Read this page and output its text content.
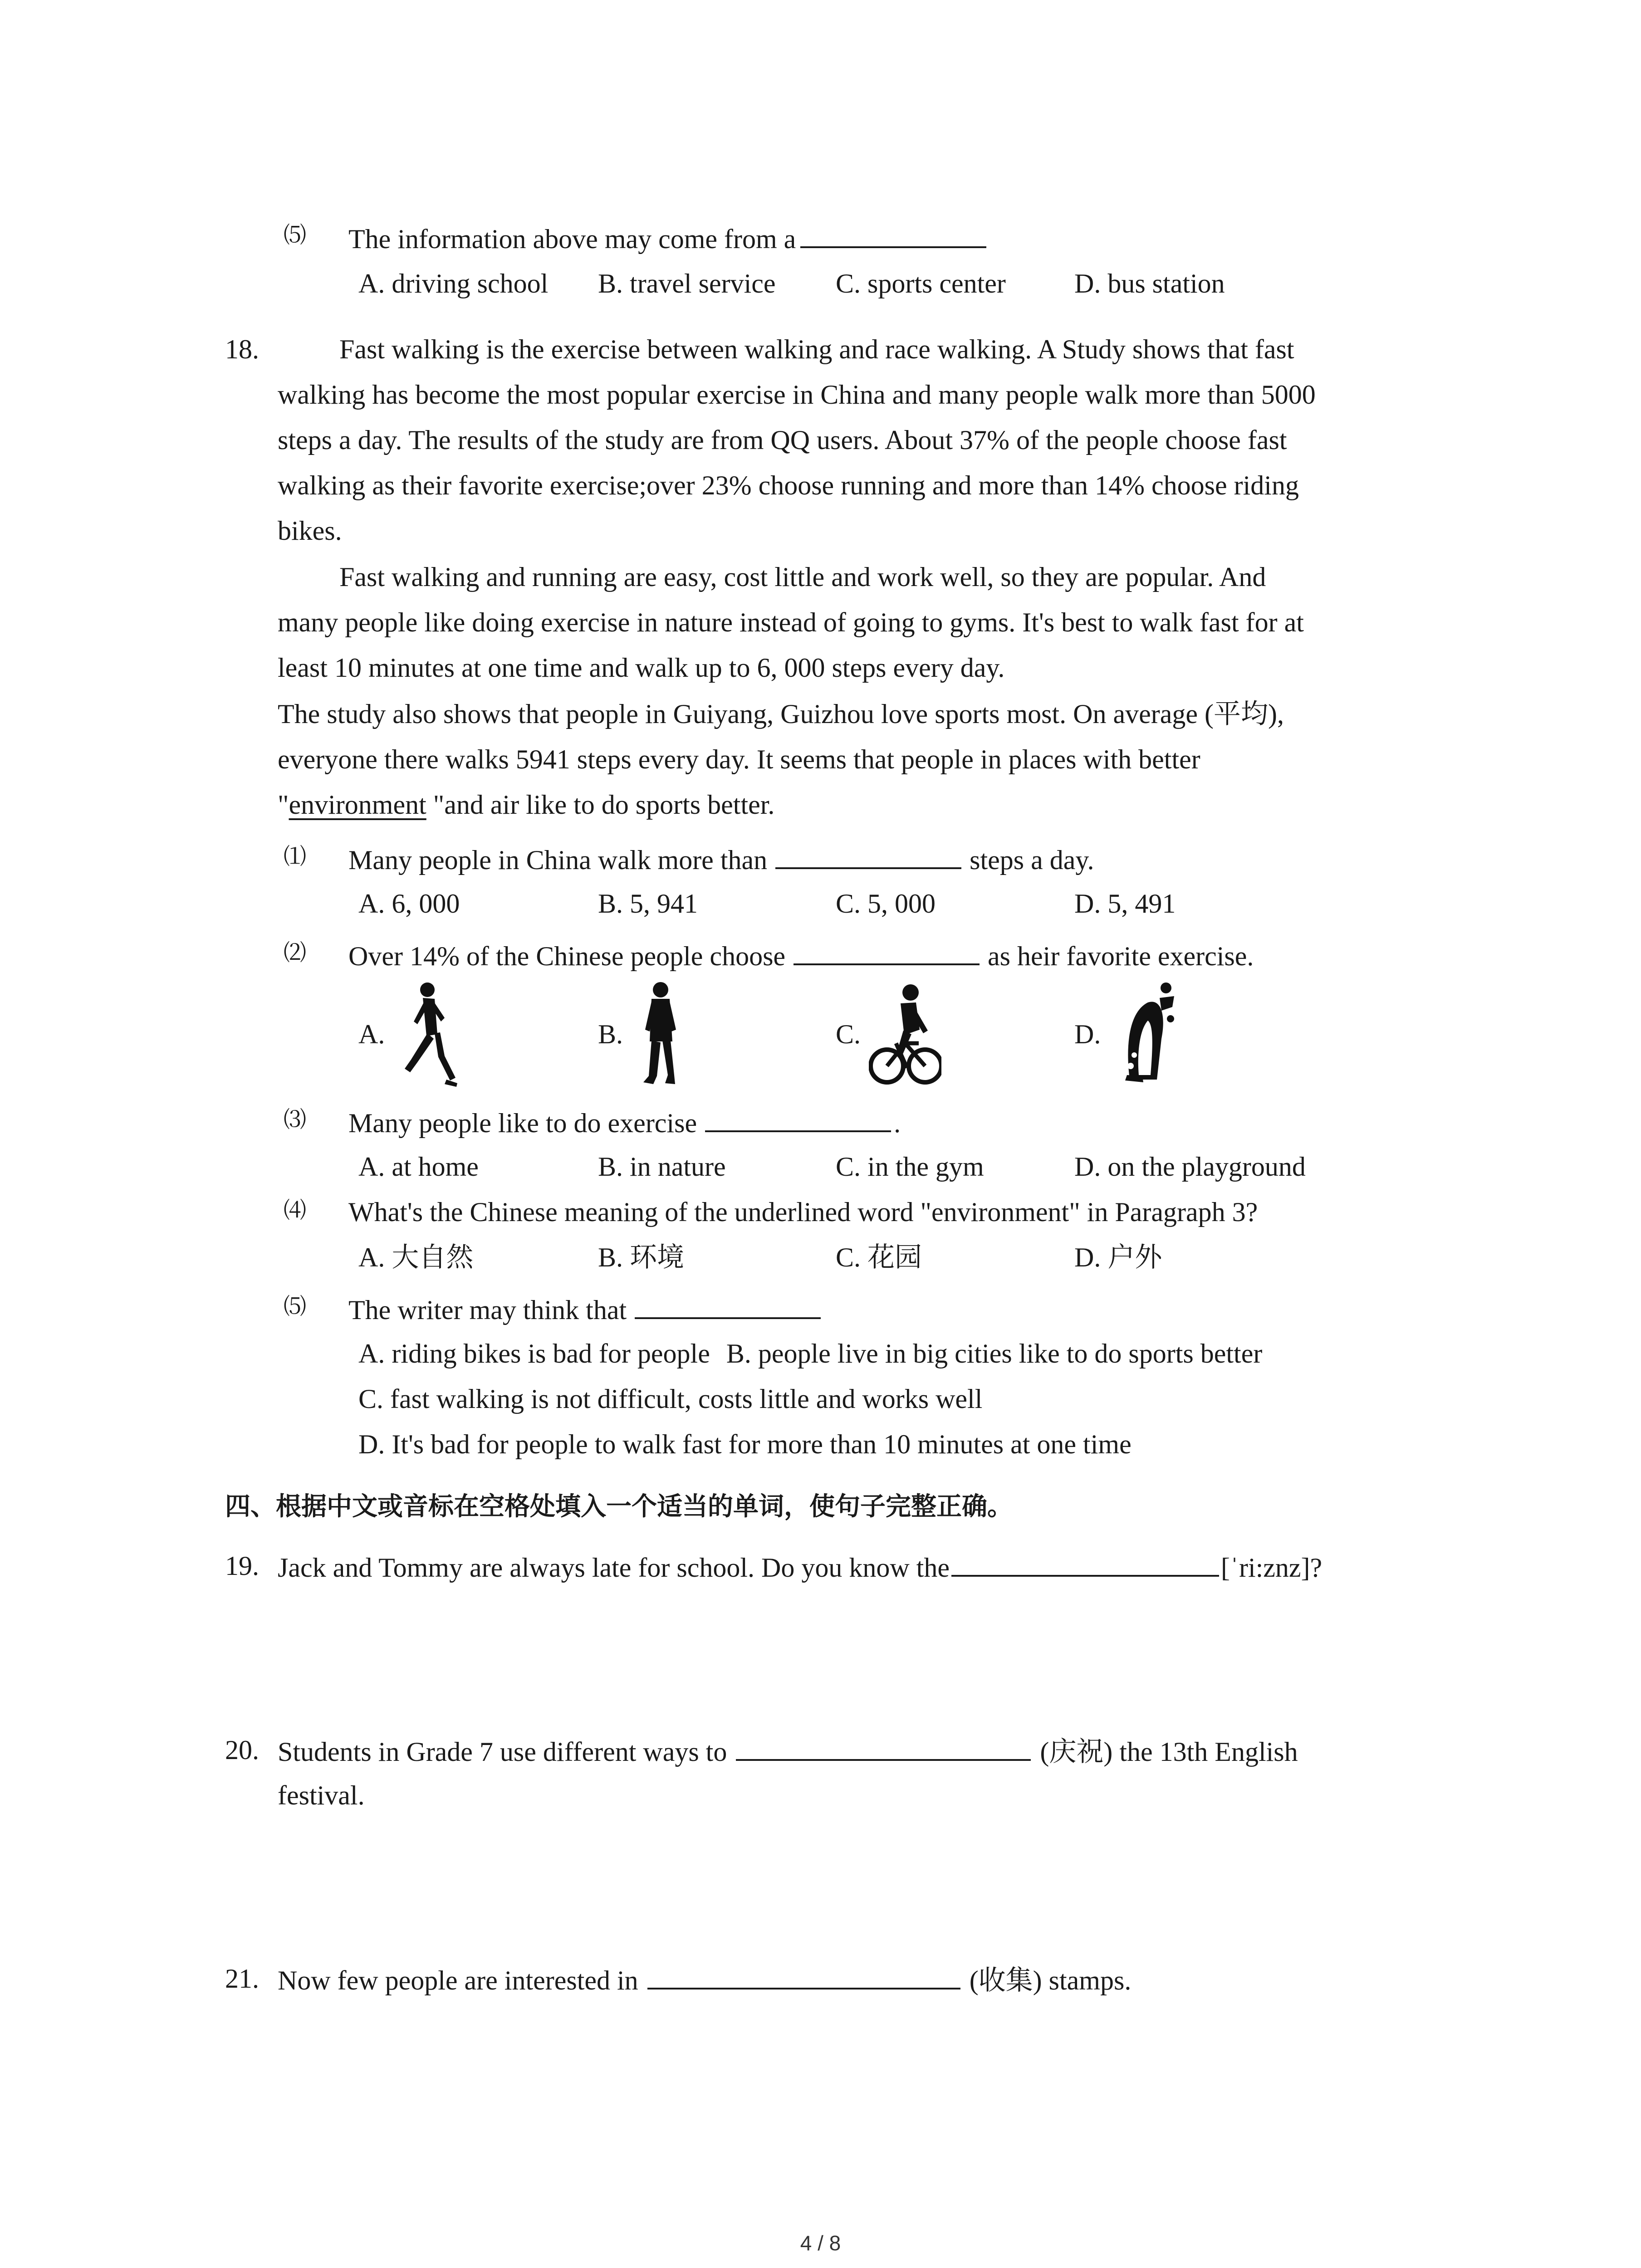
⑸ The information above may come from a
A. driving school B. travel service C. sports center	D. bus station
18.	Fast walking is the exercise between walking and race walking. A Study shows that fast
walking has become the most popular exercise in China and many people walk more than 5000
steps a day. The results of the study are from QQ users. About 37% of the people choose fast
walking as their favorite exercise;over 23% choose running and more than 14% choose riding
bikes.
Fast walking and running are easy, cost little and work well, so they are popular. And
many people like doing exercise in nature instead of going to gyms. It's best to walk fast for at
least 10 minutes at one time and walk up to 6, 000 steps every day.
The study also shows that people in Guiyang, Guizhou love sports most. On average (平均),
everyone there walks 5941 steps every day. It seems that people in places with better
"environment "and air like to do sports better.
⑴ Many people in China walk more than	steps a day.
A. 6, 000	B. 5, 941	C. 5, 000	D. 5, 491
⑵ Over 14% of the Chinese people choose	as heir favorite exercise.
A.	B.	C.	D.
⑶ Many people like to do exercise	.
A. at home	B. in nature	C. in the gym	D. on the playground
⑷ What's the Chinese meaning of the underlined word "environment" in Paragraph 3?
A. 大自然	B. 环境	C. 花园	D. 户外
⑸ The writer may think that
A. riding bikes is bad for people B. people live in big cities like to do sports better
C. fast walking is not difficult, costs little and works well
D. It's bad for people to walk fast for more than 10 minutes at one time
四、根据中文或音标在空格处填入一个适当的单词，使句子完整正确。
19. Jack and Tommy are always late for school. Do you know the	[ˈri:znz]?
20. Students in Grade 7 use different ways to	(庆祝) the 13th English
festival.
21. Now few people are interested in	(收集) stamps.
4 / 8
